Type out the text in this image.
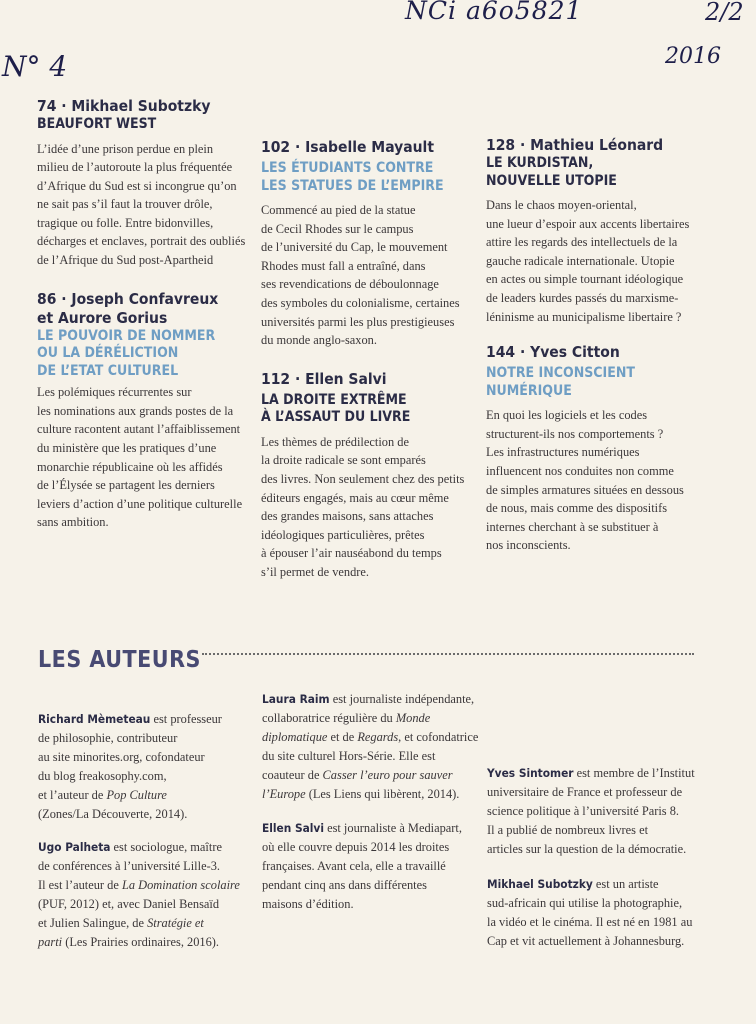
NCi a6o5821	2/2
2016
N° 4

74 · Mikhael Subotzky

BEAUFORT WEST

L’idée d’une prison perdue en plein
milieu de l’autoroute la plus fréquentée
d’Afrique du Sud est si incongrue qu’on
ne sait pas s’il faut la trouver drôle,
tragique ou folle. Entre bidonvilles,
décharges et enclaves, portrait des oubliés
de l’Afrique du Sud post-Apartheid

86 · Joseph Confavreux

et Aurore Gorius

LE POUVOIR DE NOMMER
OU LA DÉRÉLICTION
DE L’ETAT CULTUREL

Les polémiques récurrentes sur
les nominations aux grands postes de la
culture racontent autant l’affaiblissement
du ministère que les pratiques d’une
monarchie républicaine où les affidés
de l’Élysée se partagent les derniers
leviers d’action d’une politique culturelle
sans ambition.

102 · Isabelle Mayault

LES ÉTUDIANTS CONTRE
LES STATUES DE L’EMPIRE

Commencé au pied de la statue
de Cecil Rhodes sur le campus
de l’université du Cap, le mouvement
Rhodes must fall a entraîné, dans
ses revendications de déboulonnage
des symboles du colonialisme, certaines
universités parmi les plus prestigieuses
du monde anglo-saxon.

112 · Ellen Salvi

LA DROITE EXTRÊME
À L’ASSAUT DU LIVRE

Les thèmes de prédilection de
la droite radicale se sont emparés
des livres. Non seulement chez des petits
éditeurs engagés, mais au cœur même
des grandes maisons, sans attaches
idéologiques particulières, prêtes
à épouser l’air nauséabond du temps
s’il permet de vendre.

128 · Mathieu Léonard

LE KURDISTAN,
NOUVELLE UTOPIE

Dans le chaos moyen-oriental,
une lueur d’espoir aux accents libertaires
attire les regards des intellectuels de la
gauche radicale internationale. Utopie
en actes ou simple tournant idéologique
de leaders kurdes passés du marxisme-
léninisme au municipalisme libertaire ?

144 · Yves Citton

NOTRE INCONSCIENT NUMÉRIQUE

En quoi les logiciels et les codes
structurent-ils nos comportements ?
Les infrastructures numériques
influencent nos conduites non comme
de simples armatures situées en dessous
de nous, mais comme des dispositifs
internes cherchant à se substituer à
nos inconscients.

LES AUTEURS

Richard Mèmeteau est professeur
de philosophie, contributeur
au site minorites.org, cofondateur
du blog freakosophy.com,
et l’auteur de Pop Culture
(Zones/La Découverte, 2014).

Ugo Palheta est sociologue, maître
de conférences à l’université Lille-3.
Il est l’auteur de La Domination scolaire
(PUF, 2012) et, avec Daniel Bensaïd
et Julien Salingue, de Stratégie et
parti (Les Prairies ordinaires, 2016).

Laura Raim est journaliste indépendante,
collaboratrice régulière du Monde
diplomatique et de Regards, et cofondatrice
du site culturel Hors-Série. Elle est
coauteur de Casser l’euro pour sauver
l’Europe (Les Liens qui libèrent, 2014).

Ellen Salvi est journaliste à Mediapart,
où elle couvre depuis 2014 les droites
françaises. Avant cela, elle a travaillé
pendant cinq ans dans différentes
maisons d’édition.

Yves Sintomer est membre de l’Institut
universitaire de France et professeur de
science politique à l’université Paris 8.
Il a publié de nombreux livres et
articles sur la question de la démocratie.

Mikhael Subotzky est un artiste
sud-africain qui utilise la photographie,
la vidéo et le cinéma. Il est né en 1981 au
Cap et vit actuellement à Johannesburg.
